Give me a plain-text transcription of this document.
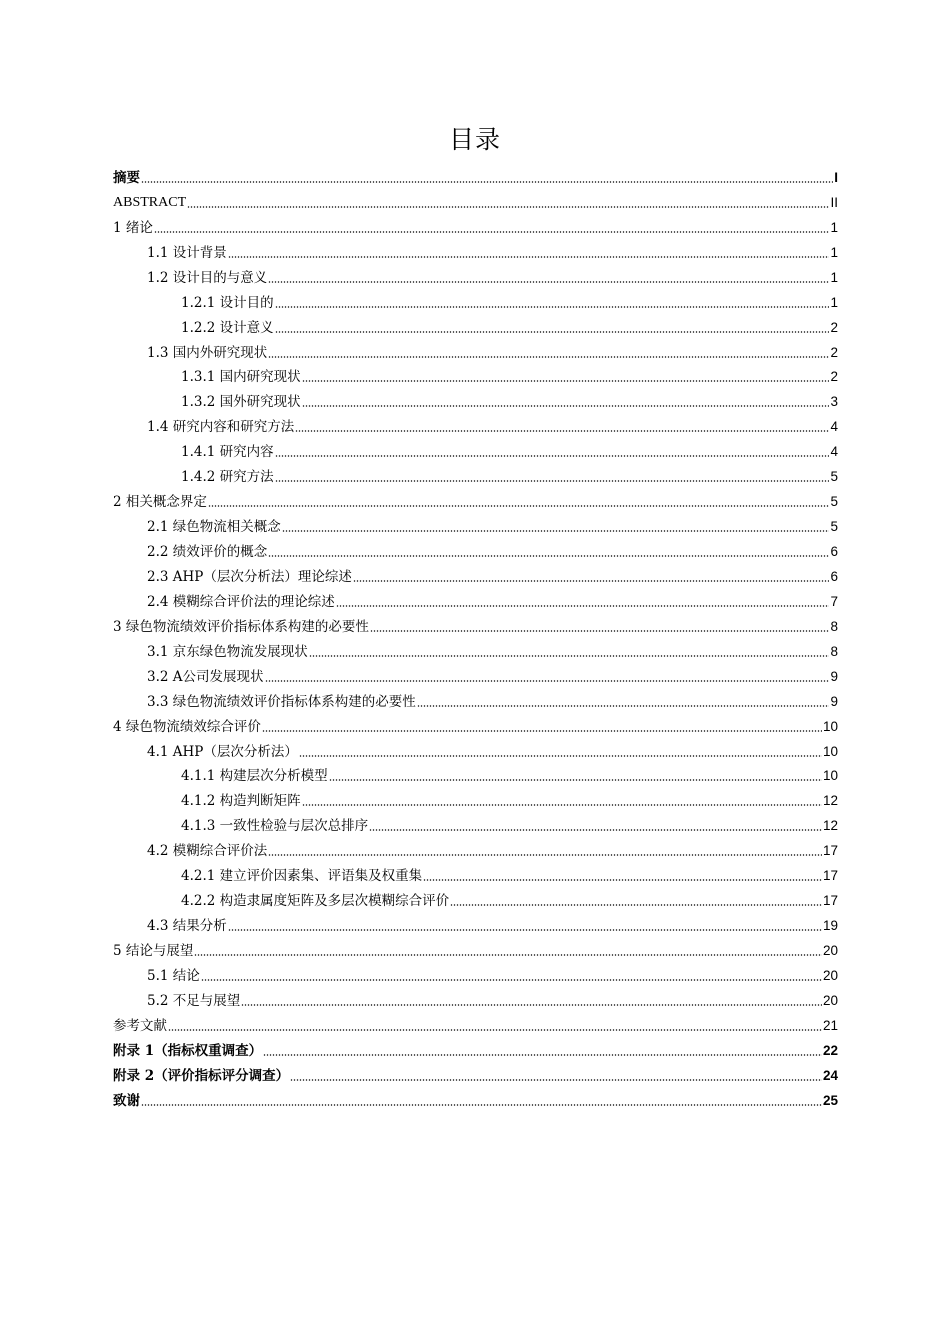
目录
摘要	I
ABSTRACT	II
1 绪论	1
1.1 设计背景	1
1.2 设计目的与意义	1
1.2.1 设计目的	1
1.2.2 设计意义	2
1.3 国内外研究现状	2
1.3.1 国内研究现状	2
1.3.2 国外研究现状	3
1.4 研究内容和研究方法	4
1.4.1 研究内容	4
1.4.2 研究方法	5
2 相关概念界定	5
2.1 绿色物流相关概念	5
2.2 绩效评价的概念	6
2.3 AHP（层次分析法）理论综述	6
2.4 模糊综合评价法的理论综述	7
3 绿色物流绩效评价指标体系构建的必要性	8
3.1 京东绿色物流发展现状	8
3.2 A公司发展现状	9
3.3 绿色物流绩效评价指标体系构建的必要性	9
4 绿色物流绩效综合评价	10
4.1 AHP（层次分析法）	10
4.1.1 构建层次分析模型	10
4.1.2 构造判断矩阵	12
4.1.3 一致性检验与层次总排序	12
4.2 模糊综合评价法	17
4.2.1 建立评价因素集、评语集及权重集	17
4.2.2 构造隶属度矩阵及多层次模糊综合评价	17
4.3 结果分析	19
5 结论与展望	20
5.1 结论	20
5.2 不足与展望	20
参考文献	21
附录 1（指标权重调查）	22
附录 2（评价指标评分调查）	24
致谢	25
